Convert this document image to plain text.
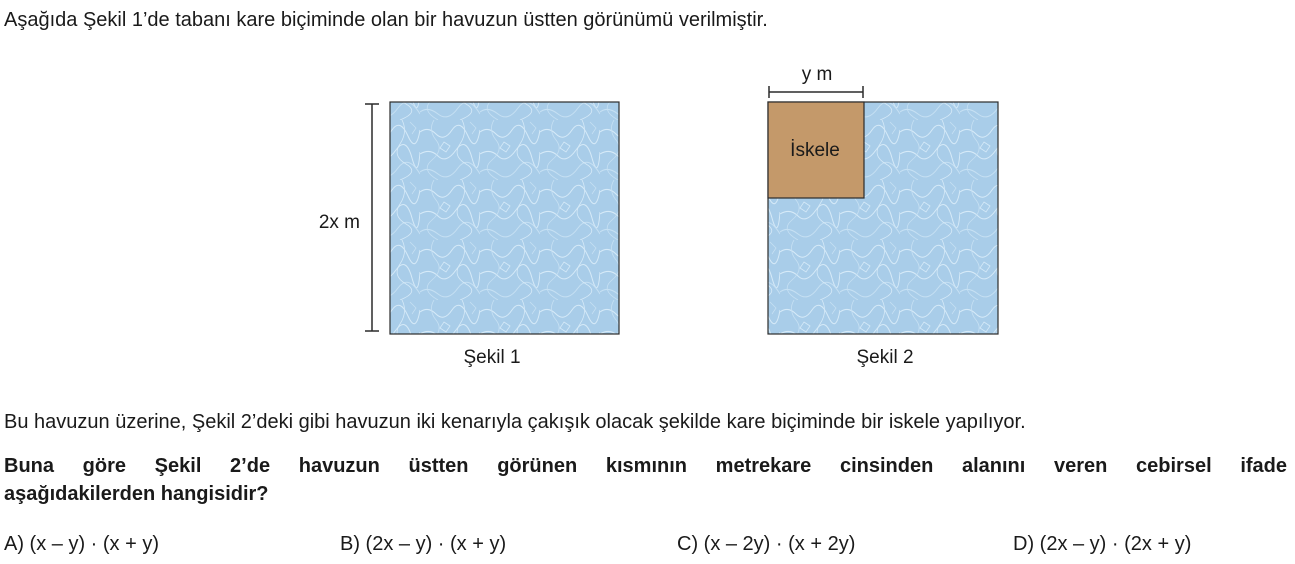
Aşağıda Şekil 1’de tabanı kare biçiminde olan bir havuzun üstten görünümü verilmiştir.
2x m
Şekil 1
y m
İskele
Şekil 2
Bu havuzun üzerine, Şekil 2’deki gibi havuzun iki kenarıyla çakışık olacak şekilde kare biçiminde bir iskele yapılıyor.
Buna göre Şekil 2’de havuzun üstten görünen kısmının metrekare cinsinden alanını veren cebirsel ifade
aşağıdakilerden hangisidir?
A) (x – y) · (x + y)	B) (2x – y) · (x + y)	C) (x – 2y) · (x + 2y)	D) (2x – y) · (2x + y)
